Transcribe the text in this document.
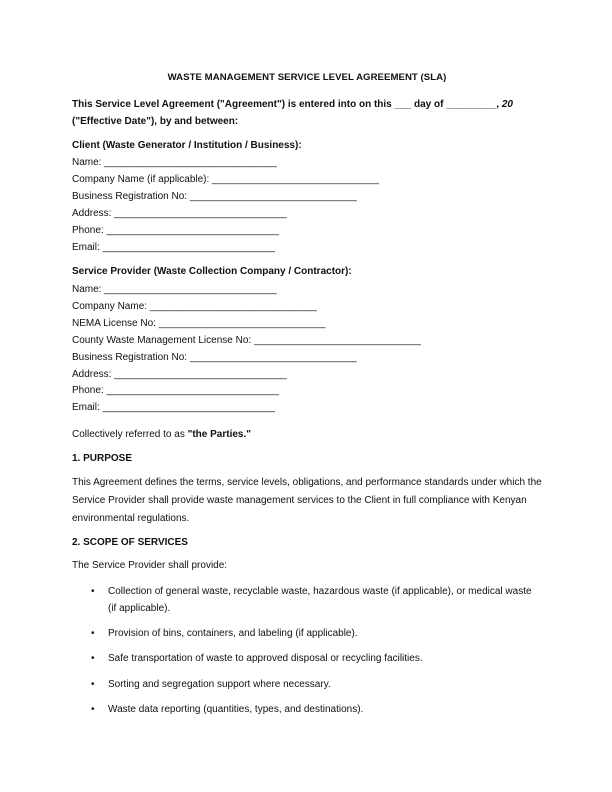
WASTE MANAGEMENT SERVICE LEVEL AGREEMENT (SLA)
This Service Level Agreement ("Agreement") is entered into on this ___ day of _________, 20
("Effective Date"), by and between:
Client (Waste Generator / Institution / Business):
Name: _______________________________
Company Name (if applicable): ______________________________
Business Registration No: ______________________________
Address: _______________________________
Phone: _______________________________
Email: _______________________________
Service Provider (Waste Collection Company / Contractor):
Name: _______________________________
Company Name: ______________________________
NEMA License No: ______________________________
County Waste Management License No: ______________________________
Business Registration No: ______________________________
Address: _______________________________
Phone: _______________________________
Email: _______________________________
Collectively referred to as "the Parties."
1. PURPOSE
This Agreement defines the terms, service levels, obligations, and performance standards under which the Service Provider shall provide waste management services to the Client in full compliance with Kenyan environmental regulations.
2. SCOPE OF SERVICES
The Service Provider shall provide:
• Collection of general waste, recyclable waste, hazardous waste (if applicable), or medical waste (if applicable).
• Provision of bins, containers, and labeling (if applicable).
• Safe transportation of waste to approved disposal or recycling facilities.
• Sorting and segregation support where necessary.
• Waste data reporting (quantities, types, and destinations).
